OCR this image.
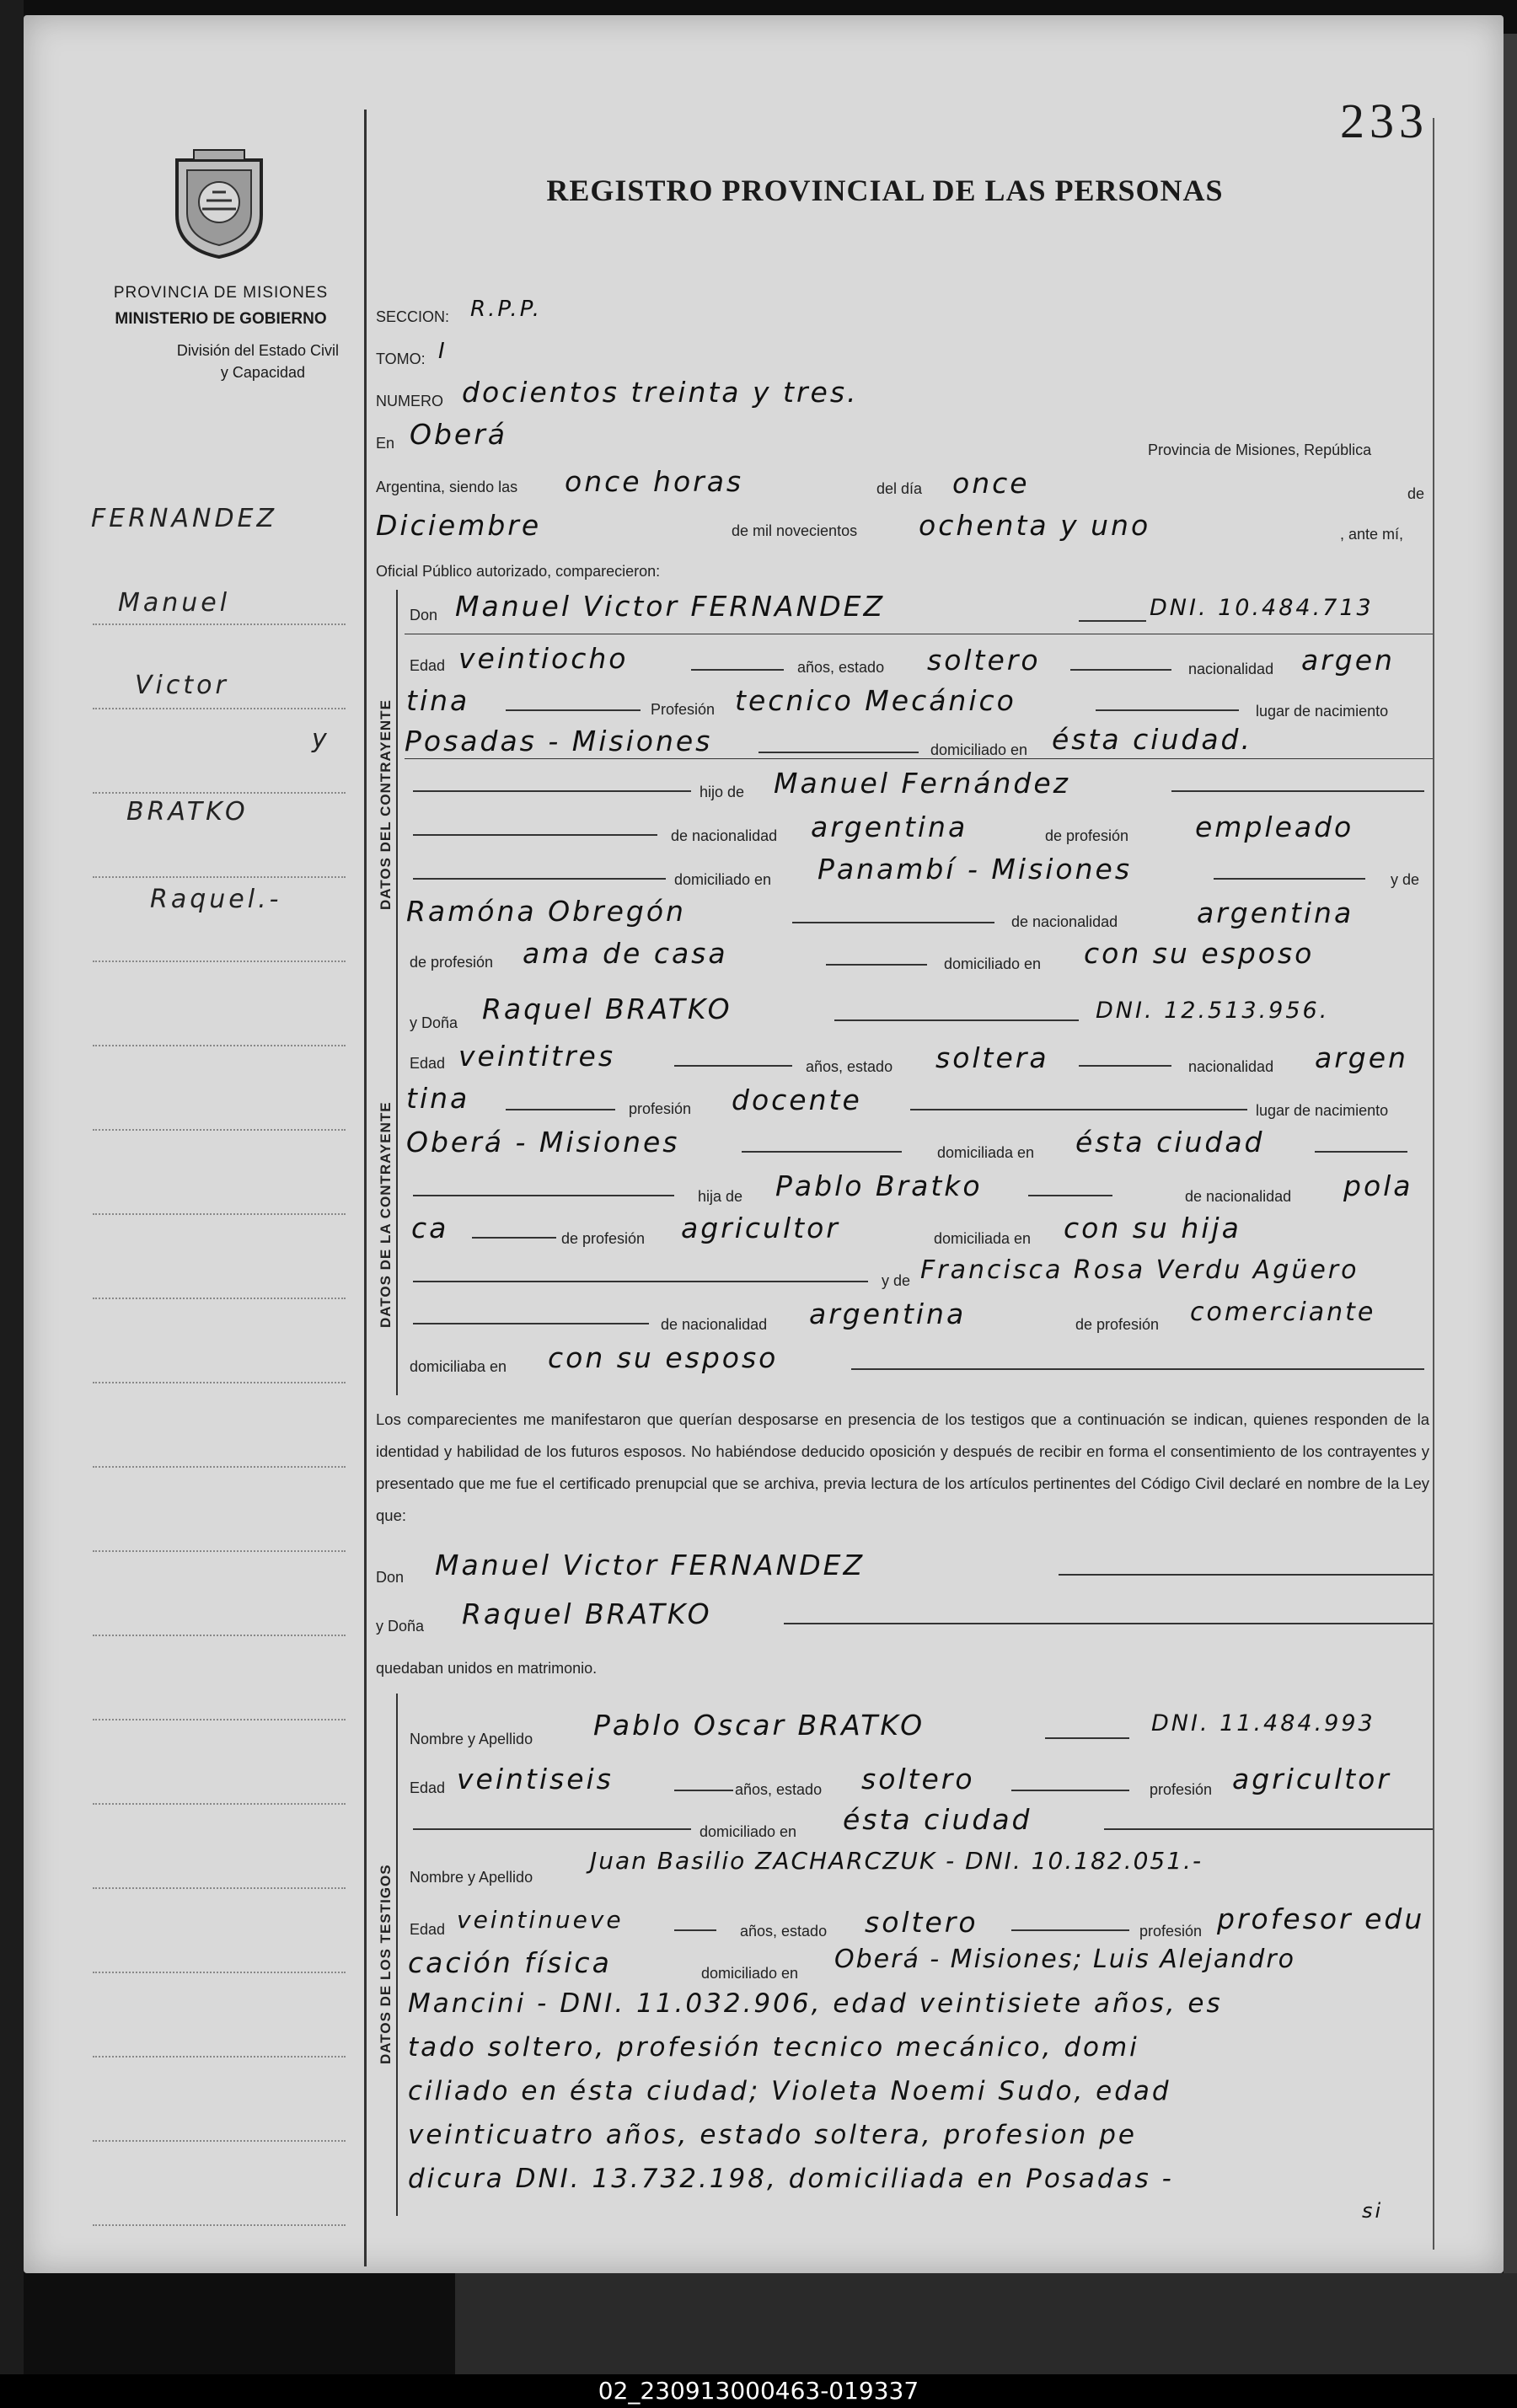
233
REGISTRO PROVINCIAL DE LAS PERSONAS
PROVINCIA DE MISIONES
MINISTERIO DE GOBIERNO
División del Estado Civil
y Capacidad
FERNANDEZ
Manuel
Victor
y
BRATKO
Raquel.-
SECCION: R.P.P.
TOMO: I
NUMERO docientos treinta y tres.
En Oberá	Provincia de Misiones, República
Argentina, siendo las once horas	del día once	de
Diciembre	de mil novecientos ochenta y uno	, ante mí,
Oficial Público autorizado, comparecieron:
DATOS DEL CONTRAYENTE
Don Manuel Victor FERNANDEZ	DNI. 10.484.713
Edad veintiocho	años, estado soltero	nacionalidad argen
tina	Profesión tecnico Mecánico	lugar de nacimiento
Posadas - Misiones	domiciliado en ésta ciudad.
hijo de Manuel Fernández
de nacionalidad argentina	de profesión empleado
domiciliado en Panambí - Misiones	y de
Ramóna Obregón	de nacionalidad	argentina
de profesión ama de casa	domiciliado en con su esposo
DATOS DE LA CONTRAYENTE
y Doña Raquel BRATKO	DNI. 12.513.956.
Edad veintitres	años, estado soltera	nacionalidad argen
tina	profesión docente	lugar de nacimiento
Oberá - Misiones	domiciliada en ésta ciudad
hija de Pablo Bratko	de nacionalidad pola
ca	de profesión agricultor	domiciliada en con su hija
y de Francisca Rosa Verdu Agüero
de nacionalidad argentina	de profesión comerciante
domiciliaba en con su esposo
Los comparecientes me manifestaron que querían desposarse en presencia de los testigos que a continuación se indican, quienes responden de la identidad y habilidad de los futuros esposos. No habiéndose deducido oposición y después de recibir en forma el consentimiento de los contrayentes y presentado que me fue el certificado prenupcial que se archiva, previa lectura de los artículos pertinentes del Código Civil declaré en nombre de la Ley que:
Don Manuel Victor FERNANDEZ
y Doña Raquel BRATKO
quedaban unidos en matrimonio.
DATOS DE LOS TESTIGOS
Nombre y Apellido Pablo Oscar BRATKO	DNI. 11.484.993
Edad veintiseis	años, estado soltero	profesión agricultor
domiciliado en ésta ciudad
Nombre y Apellido
Juan Basilio ZACHARCZUK - DNI. 10.182.051.-
Edad veintinueve	años, estado soltero	profesión profesor edu
cación física	domiciliado en Oberá - Misiones; Luis Alejandro
Mancini - DNI. 11.032.906, edad veintisiete años, es
tado soltero, profesión tecnico mecánico, domi
ciliado en ésta ciudad; Violeta Noemi Sudo, edad
veinticuatro años, estado soltera, profesion pe
dicura DNI. 13.732.198, domiciliada en Posadas -
si
02_230913000463-019337
